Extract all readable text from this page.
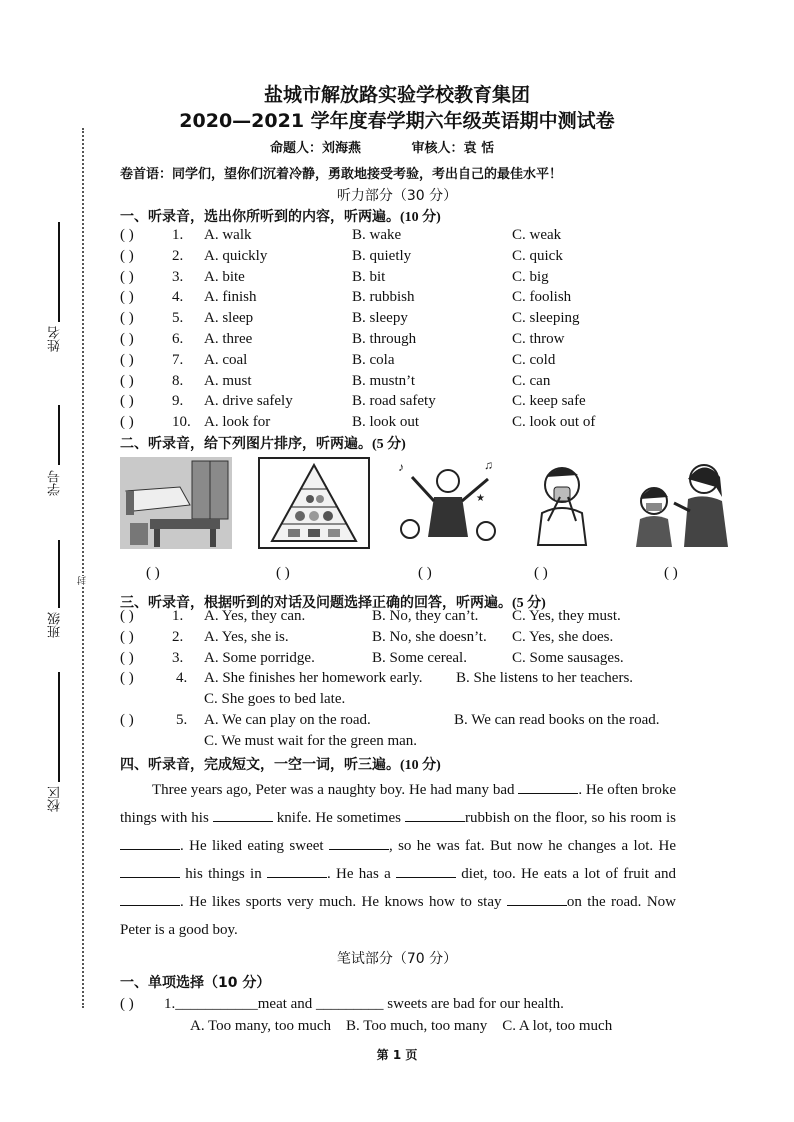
盐城市解放路实验学校教育集团
2020—2021 学年度春学期六年级英语期中测试卷
命题人：刘海燕	审核人：袁 恬
卷首语：同学们，望你们沉着冷静，勇敢地接受考验，考出自己的最佳水平！
姓名
学号
班级
校区
封
听力部分（30 分）
一、听录音，选出你所听到的内容，听两遍。(10 分)
( )	1. A. walk	B. wake	C. weak
( )	2. A. quickly	B. quietly	C. quick
( )	3. A. bite	B. bit	C. big
( )	4. A. finish	B. rubbish	C. foolish
( )	5. A. sleep	B. sleepy	C. sleeping
( )	6. A. three	B. through	C. throw
( )	7. A. coal	B. cola	C. cold
( )	8. A. must	B. mustn’t	C. can
( )	9. A. drive safely	B. road safety	C. keep safe
( )	10. A. look for	B. look out	C. look out of
二、听录音，给下列图片排序，听两遍。(5 分)
♪	♫
★
( )	( )	( )	( )	( )
三、听录音，根据听到的对话及问题选择正确的回答，听两遍。(5 分)
( )	1. A. Yes, they can.	B. No, they can’t. C. Yes, they must.
( )	2. A. Yes, she is.	B. No, she doesn’t. C. Yes, she does.
( )	3. A. Some porridge.	B. Some cereal.	C. Some sausages.
( )	4. A. She finishes her homework early. B. She listens to her teachers.
C. She goes to bed late.
( )	5. A. We can play on the road.	B. We can read books on the road.
C. We must wait for the green man.
四、听录音，完成短文，一空一词，听三遍。(10 分)
Three years ago, Peter was a naughty boy. He had many bad	. He often broke things with his	knife. He sometimes	rubbish on the floor, so his room is . He liked eating sweet	, so he was fat. But now he changes a lot. He  his things in	. He has a	diet, too. He eats a lot of fruit and . He likes sports very much. He knows how to stay	on the road. Now Peter is a good boy.
笔试部分（70 分）
一、单项选择（10 分）
( ) 1.___________meat and _________ sweets are bad for our health.
A. Too many, too much    B. Too much, too many    C. A lot, too much
第 1 页
